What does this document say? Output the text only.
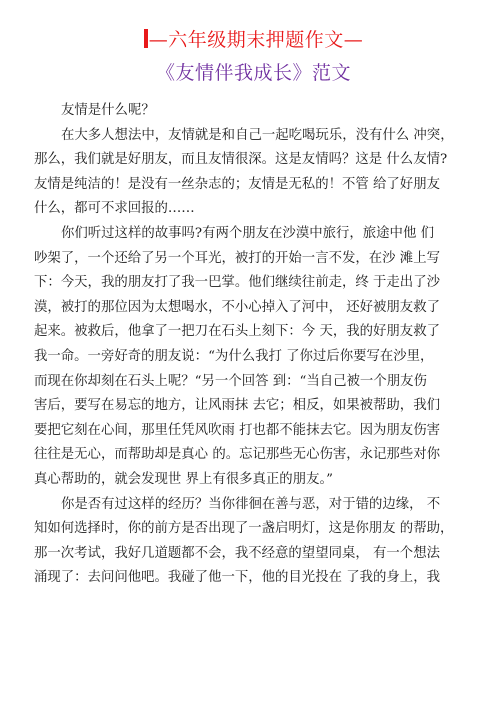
—六年级期末押题作文—
《友情伴我成长》范文
友情是什么呢？
在大多人想法中，友情就是和自己一起吃喝玩乐，没有什么 冲突，
那么，我们就是好朋友，而且友情很深。这是友情吗？这是 什么友情?
友情是纯洁的！是没有一丝杂志的；友情是无私的！不管 给了好朋友
什么，都可不求回报的……
你们听过这样的故事吗?有两个朋友在沙漠中旅行，旅途中他 们
吵架了，一个还给了另一个耳光，被打的开始一言不发，在沙 滩上写
下：今天，我的朋友打了我一巴掌。他们继续往前走，终 于走出了沙
漠，被打的那位因为太想喝水，不小心掉入了河中， 还好被朋友救了
起来。被救后，他拿了一把刀在石头上刻下：今 天，我的好朋友救了
我一命。一旁好奇的朋友说：“为什么我打 了你过后你要写在沙里，
而现在你却刻在石头上呢？“另一个回答 到：“当自己被一个朋友伤
害后，要写在易忘的地方，让风雨抹 去它；相反，如果被帮助，我们
要把它刻在心间，那里任凭风吹雨 打也都不能抹去它。因为朋友伤害
往往是无心，而帮助却是真心 的。忘记那些无心伤害，永记那些对你
真心帮助的，就会发现世 界上有很多真正的朋友。”
你是否有过这样的经历？当你徘徊在善与恶，对于错的边缘， 不
知如何选择时，你的前方是否出现了一盏启明灯，这是你朋友 的帮助，
那一次考试，我好几道题都不会，我不经意的望望同桌， 有一个想法
涌现了：去问问他吧。我碰了他一下，他的目光投在 了我的身上，我
